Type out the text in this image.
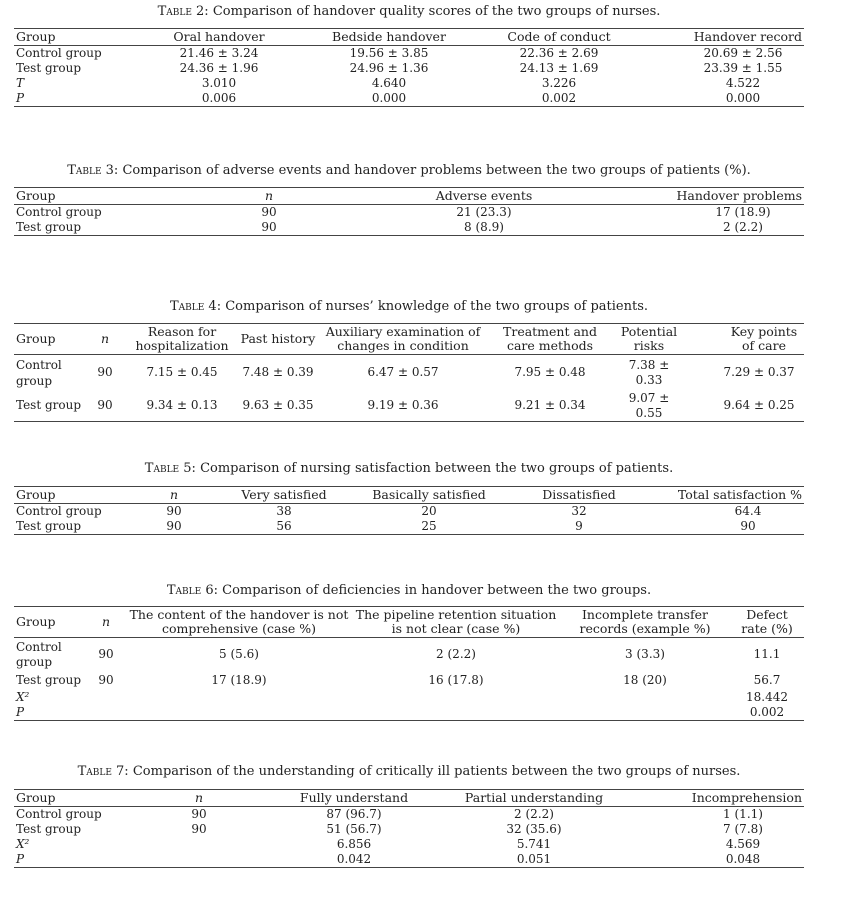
Table 2: Comparison of handover quality scores of the two groups of nurses.
Group	Oral handover	Bedside handover	Code of conduct	Handover record
Control group	21.46 ± 3.24	19.56 ± 3.85	22.36 ± 2.69	20.69 ± 2.56
Test group	24.36 ± 1.96	24.96 ± 1.36	24.13 ± 1.69	23.39 ± 1.55
T	3.010	4.640	3.226	4.522
P	0.006	0.000	0.002	0.000
Table 3: Comparison of adverse events and handover problems between the two groups of patients (%).
Group	n	Adverse events	Handover problems
Control group	90	21 (23.3)	17 (18.9)
Test group	90	8 (8.9)	2 (2.2)
Table 4: Comparison of nurses’ knowledge of the two groups of patients.
Group	n	Reason for hospitalization	Past history	Auxiliary examination of changes in condition	Treatment and care methods	Potential risks	Key points of care
Control group	90	7.15 ± 0.45	7.48 ± 0.39	6.47 ± 0.57	7.95 ± 0.48	7.38 ± 0.33	7.29 ± 0.37
Test group	90	9.34 ± 0.13	9.63 ± 0.35	9.19 ± 0.36	9.21 ± 0.34	9.07 ± 0.55	9.64 ± 0.25
Table 5: Comparison of nursing satisfaction between the two groups of patients.
Group	n	Very satisfied	Basically satisfied	Dissatisfied	Total satisfaction %
Control group	90	38	20	32	64.4
Test group	90	56	25	9	90
Table 6: Comparison of deficiencies in handover between the two groups.
Group	n	The content of the handover is not comprehensive (case %)	The pipeline retention situation is not clear (case %)	Incomplete transfer records (example %)	Defect rate (%)
Control group	90	5 (5.6)	2 (2.2)	3 (3.3)	11.1
Test group	90	17 (18.9)	16 (17.8)	18 (20)	56.7
X²					18.442
P					0.002
Table 7: Comparison of the understanding of critically ill patients between the two groups of nurses.
Group	n	Fully understand	Partial understanding	Incomprehension
Control group	90	87 (96.7)	2 (2.2)	1 (1.1)
Test group	90	51 (56.7)	32 (35.6)	7 (7.8)
X²		6.856	5.741	4.569
P		0.042	0.051	0.048
